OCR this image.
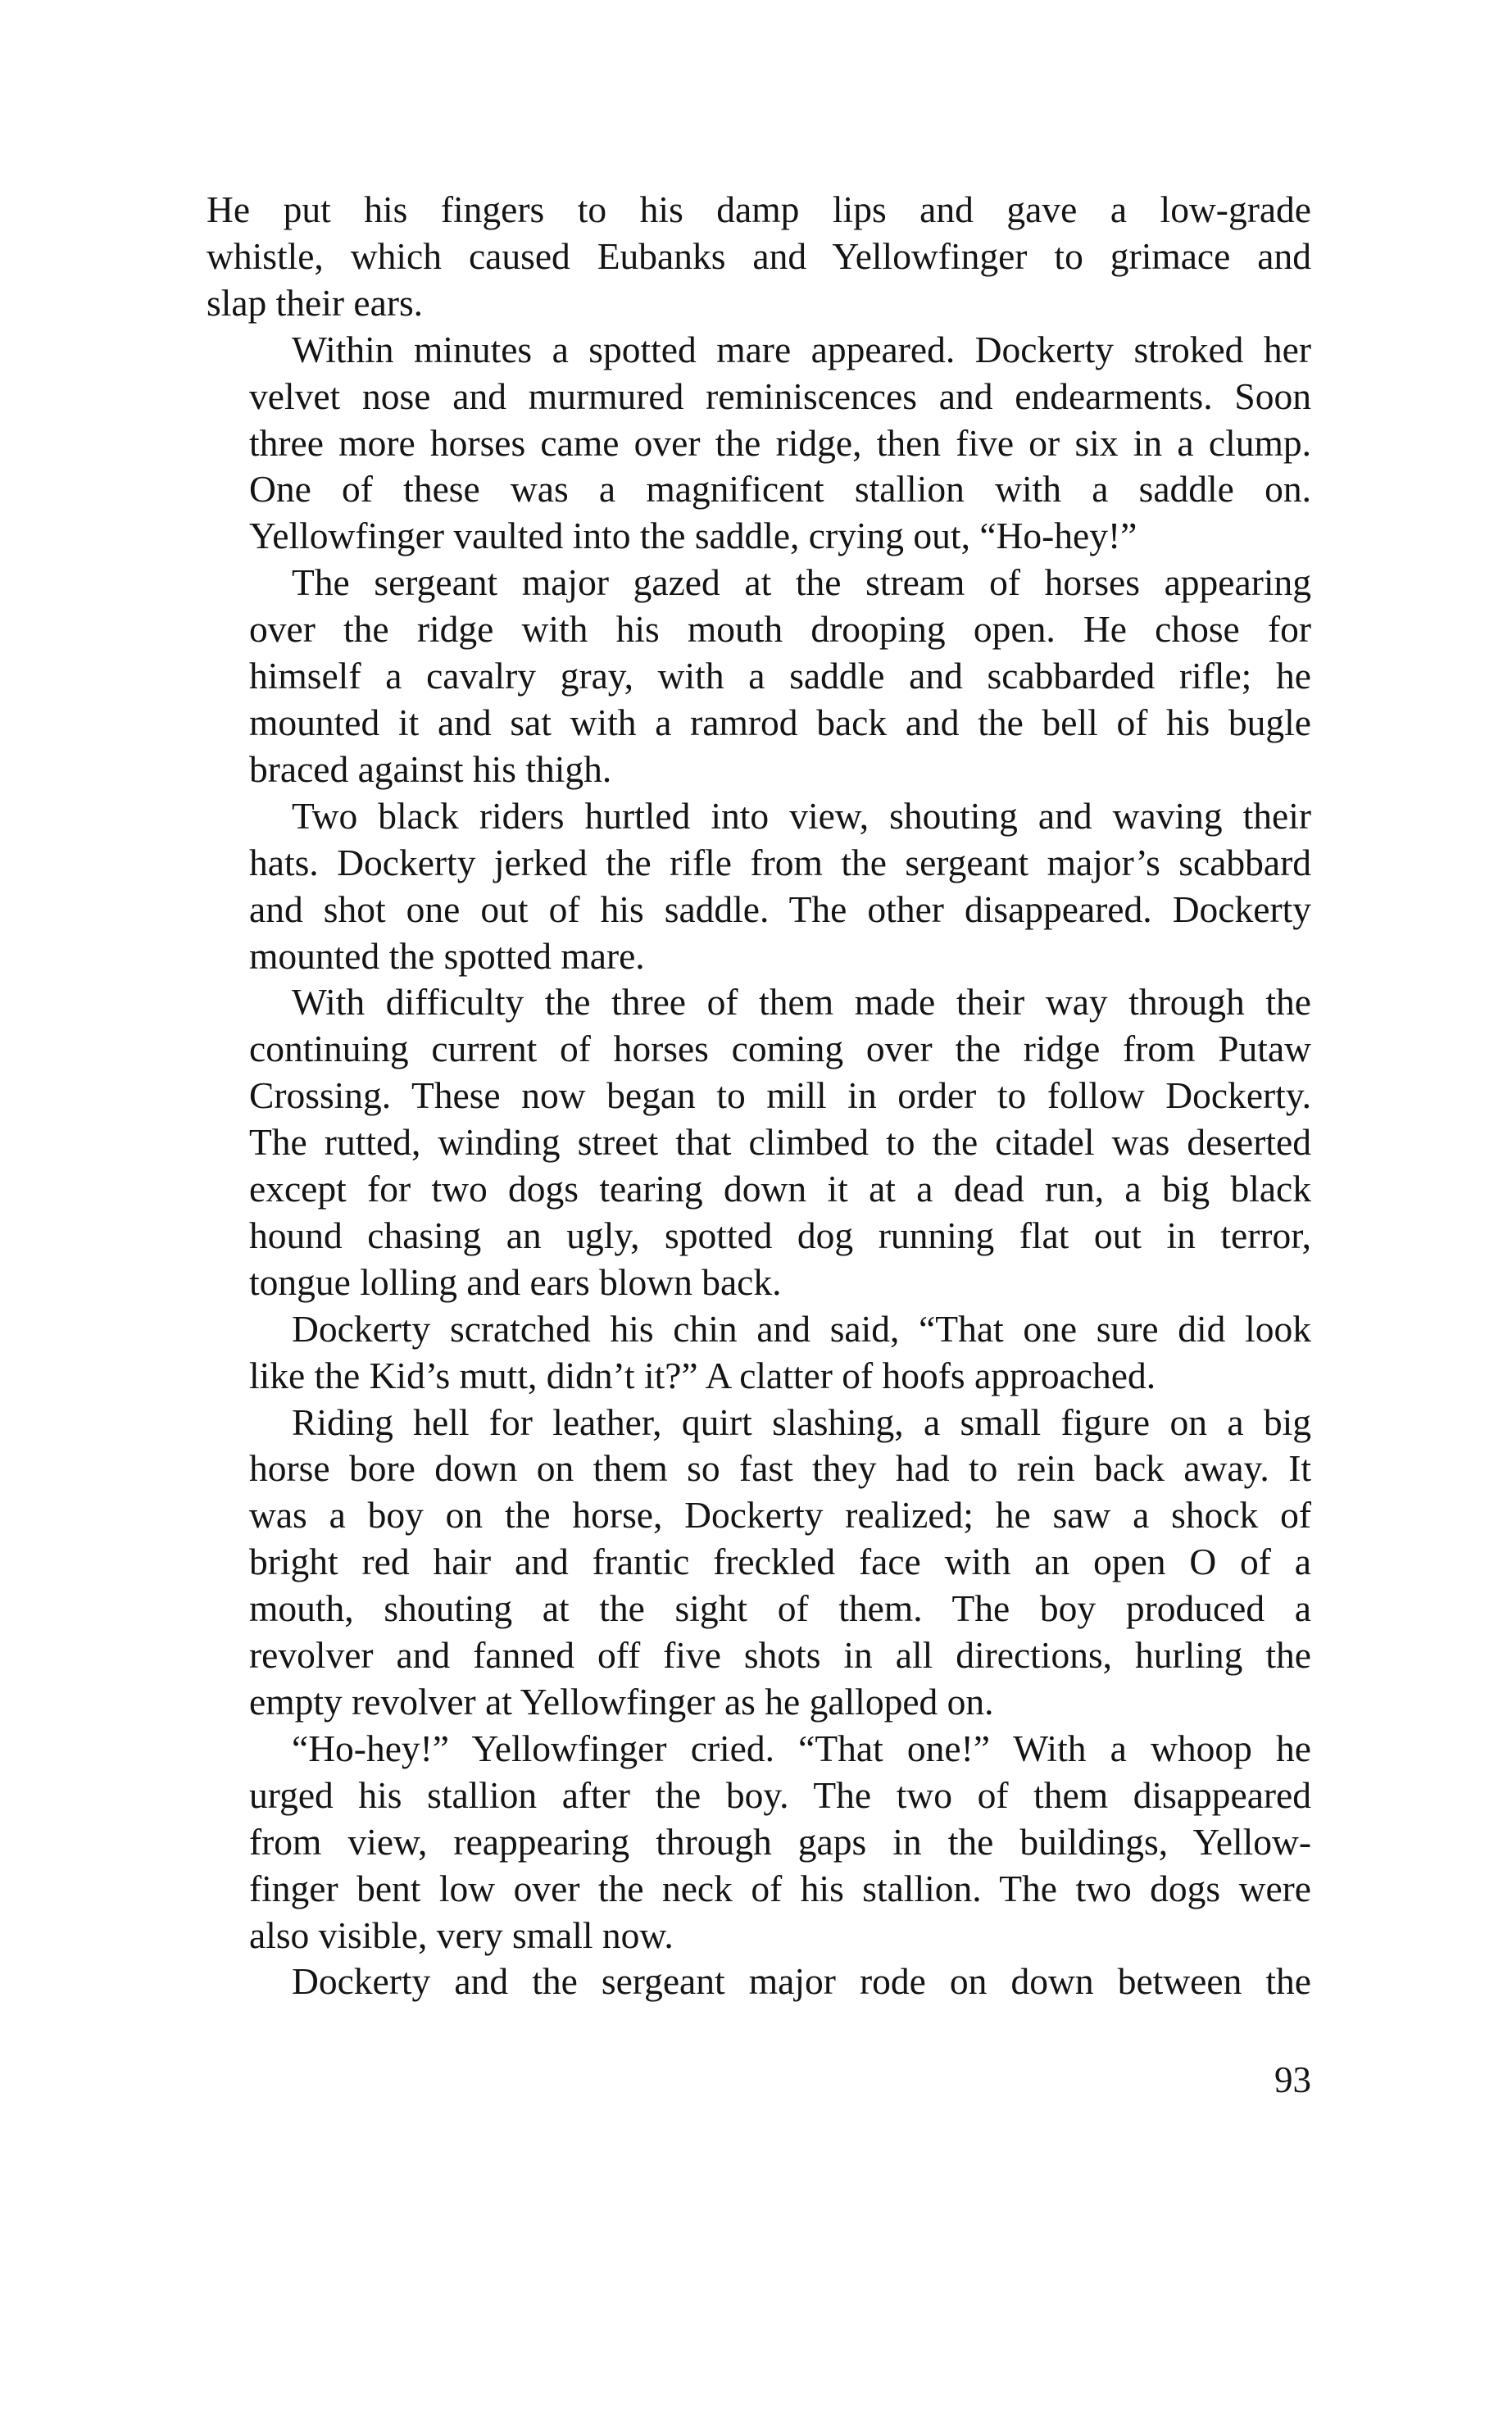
He put his fingers to his damp lips and gave a low-grade
whistle, which caused Eubanks and Yellowfinger to grimace and
slap their ears.

Within minutes a spotted mare appeared. Dockerty stroked her
velvet nose and murmured reminiscences and endearments. Soon
three more horses came over the ridge, then five or six in a clump.
One of these was a magnificent stallion with a saddle on.
Yellowfinger vaulted into the saddle, crying out, “Ho-hey!”

The sergeant major gazed at the stream of horses appearing
over the ridge with his mouth drooping open. He chose for
himself a cavalry gray, with a saddle and scabbarded rifle; he
mounted it and sat with a ramrod back and the bell of his bugle
braced against his thigh.

Two black riders hurtled into view, shouting and waving their
hats. Dockerty jerked the rifle from the sergeant major’s scabbard
and shot one out of his saddle. The other disappeared. Dockerty
mounted the spotted mare.

With difficulty the three of them made their way through the
continuing current of horses coming over the ridge from Putaw
Crossing. These now began to mill in order to follow Dockerty.
The rutted, winding street that climbed to the citadel was deserted
except for two dogs tearing down it at a dead run, a big black
hound chasing an ugly, spotted dog running flat out in terror,
tongue lolling and ears blown back.

Dockerty scratched his chin and said, “That one sure did look
like the Kid’s mutt, didn’t it?” A clatter of hoofs approached.

Riding hell for leather, quirt slashing, a small figure on a big
horse bore down on them so fast they had to rein back away. It
was a boy on the horse, Dockerty realized; he saw a shock of
bright red hair and frantic freckled face with an open O of a
mouth, shouting at the sight of them. The boy produced a
revolver and fanned off five shots in all directions, hurling the
empty revolver at Yellowfinger as he galloped on.

“Ho-hey!” Yellowfinger cried. “That one!” With a whoop he
urged his stallion after the boy. The two of them disappeared
from view, reappearing through gaps in the buildings, Yellow-
finger bent low over the neck of his stallion. The two dogs were
also visible, very small now.

Dockerty and the sergeant major rode on down between the

93
